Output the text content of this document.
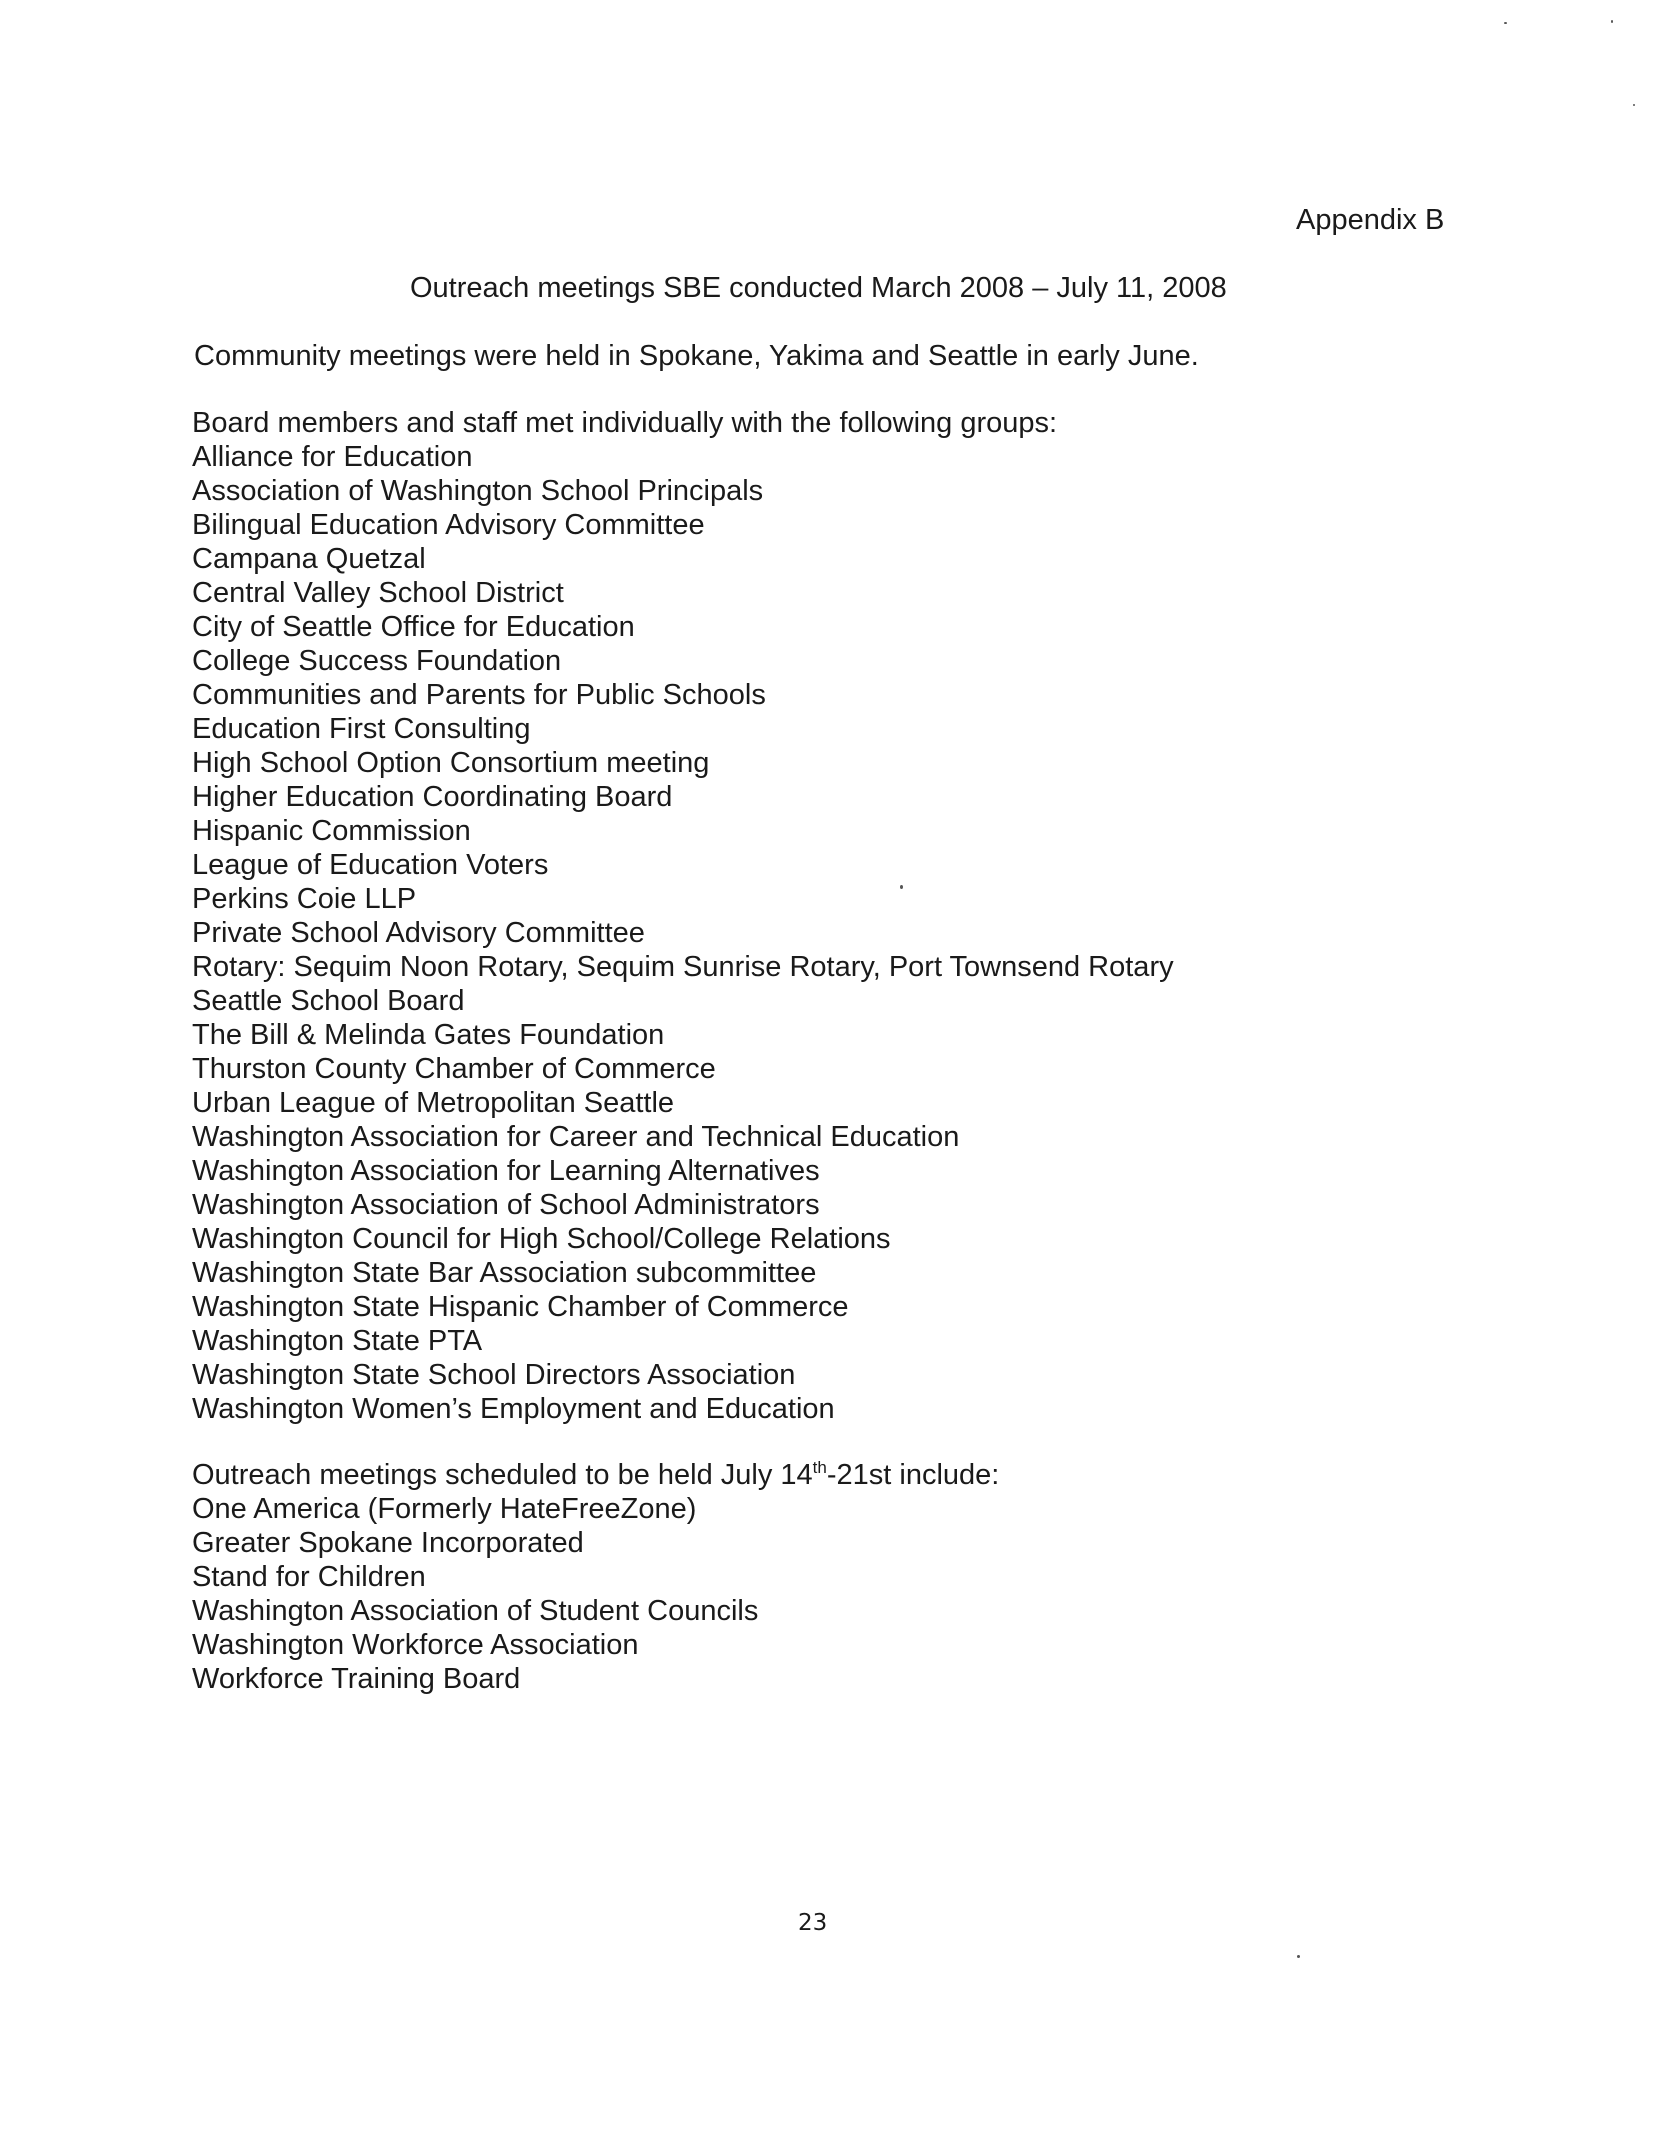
Appendix B
Outreach meetings SBE conducted March 2008 – July 11, 2008
Community meetings were held in Spokane, Yakima and Seattle in early June.
Board members and staff met individually with the following groups:
Alliance for Education
Association of Washington School Principals
Bilingual Education Advisory Committee
Campana Quetzal
Central Valley School District
City of Seattle Office for Education
College Success Foundation
Communities and Parents for Public Schools
Education First Consulting
High School Option Consortium meeting
Higher Education Coordinating Board
Hispanic Commission
League of Education Voters
Perkins Coie LLP
Private School Advisory Committee
Rotary: Sequim Noon Rotary, Sequim Sunrise Rotary, Port Townsend Rotary
Seattle School Board
The Bill & Melinda Gates Foundation
Thurston County Chamber of Commerce
Urban League of Metropolitan Seattle
Washington Association for Career and Technical Education
Washington Association for Learning Alternatives
Washington Association of School Administrators
Washington Council for High School/College Relations
Washington State Bar Association subcommittee
Washington State Hispanic Chamber of Commerce
Washington State PTA
Washington State School Directors Association
Washington Women’s Employment and Education
Outreach meetings scheduled to be held July 14th-21st include:
One America (Formerly HateFreeZone)
Greater Spokane Incorporated
Stand for Children
Washington Association of Student Councils
Washington Workforce Association
Workforce Training Board
23
